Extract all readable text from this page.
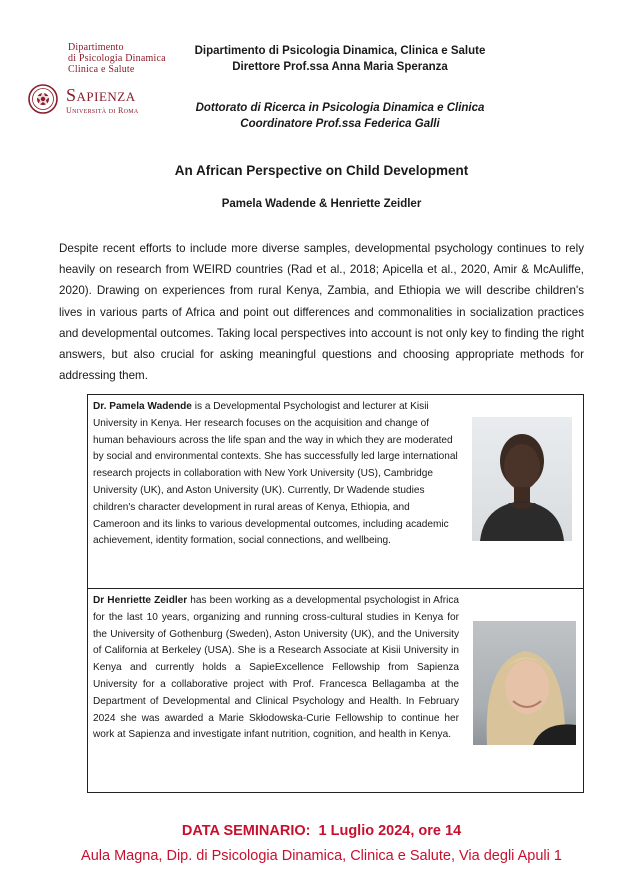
Dipartimento
di Psicologia Dinamica
Clinica e Salute
Sapienza
Università di Roma
Dipartimento di Psicologia Dinamica, Clinica e Salute
Direttore Prof.ssa Anna Maria Speranza
Dottorato di Ricerca in Psicologia Dinamica e Clinica
Coordinatore Prof.ssa Federica Galli
An African Perspective on Child Development
Pamela Wadende & Henriette Zeidler
Despite recent efforts to include more diverse samples, developmental psychology continues to rely heavily on research from WEIRD countries (Rad et al., 2018; Apicella et al., 2020, Amir & McAuliffe, 2020). Drawing on experiences from rural Kenya, Zambia, and Ethiopia we will describe children's lives in various parts of Africa and point out differences and commonalities in socialization practices and developmental outcomes. Taking local perspectives into account is not only key to finding the right answers, but also crucial for asking meaningful questions and choosing appropriate methods for addressing them.
Dr. Pamela Wadende is a Developmental Psychologist and lecturer at Kisii University in Kenya. Her research focuses on the acquisition and change of human behaviours across the life span and the way in which they are moderated by social and environmental contexts. She has successfully led large international research projects in collaboration with New York University (US), Cambridge University (UK), and Aston University (UK). Currently, Dr Wadende studies children's character development in rural areas of Kenya, Ethiopia, and Cameroon and its links to various developmental outcomes, including academic achievement, identity formation, social connections, and wellbeing.
Dr Henriette Zeidler has been working as a developmental psychologist in Africa for the last 10 years, organizing and running cross-cultural studies in Kenya for the University of Gothenburg (Sweden), Aston University (UK), and the University of California at Berkeley (USA). She is a Research Associate at Kisii University in Kenya and currently holds a SapieExcellence Fellowship from Sapienza University for a collaborative project with Prof. Francesca Bellagamba at the Department of Developmental and Clinical Psychology and Health. In February 2024 she was awarded a Marie Skłodowska-Curie Fellowship to continue her work at Sapienza and investigate infant nutrition, cognition, and health in Kenya.
DATA SEMINARIO:  1 Luglio 2024, ore 14
Aula Magna, Dip. di Psicologia Dinamica, Clinica e Salute, Via degli Apuli 1
